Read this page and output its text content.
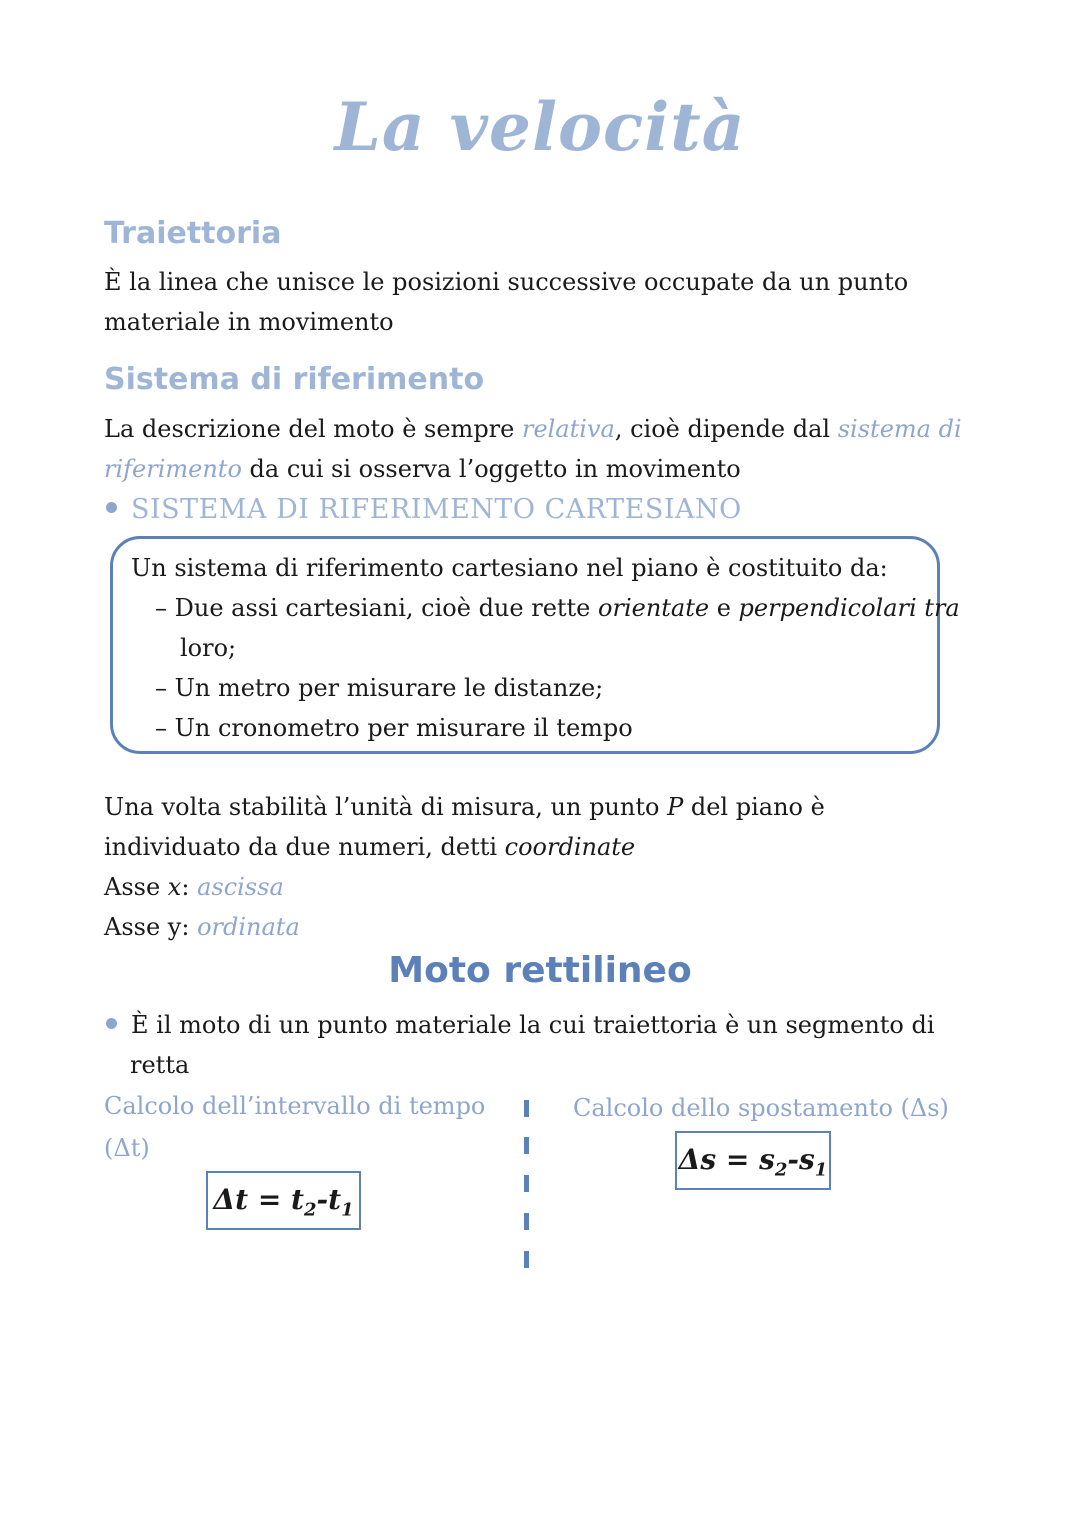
La velocità
Traiettoria
È la linea che unisce le posizioni successive occupate da un punto
materiale in movimento
Sistema di riferimento
La descrizione del moto è sempre relativa, cioè dipende dal sistema di
riferimento da cui si osserva l’oggetto in movimento
SISTEMA DI RIFERIMENTO CARTESIANO
Un sistema di riferimento cartesiano nel piano è costituito da:
– Due assi cartesiani, cioè due rette orientate e perpendicolari tra
loro;
– Un metro per misurare le distanze;
– Un cronometro per misurare il tempo
Una volta stabilità l’unità di misura, un punto P del piano è
individuato da due numeri, detti coordinate
Asse x: ascissa
Asse y: ordinata
Moto rettilineo
È il moto di un punto materiale la cui traiettoria è un segmento di
retta
Calcolo dell’intervallo di tempo
(Δt)
$\Delta t = t_2-t_1$
Calcolo dello spostamento (Δs)
$\Delta s = s_2-s_1$
